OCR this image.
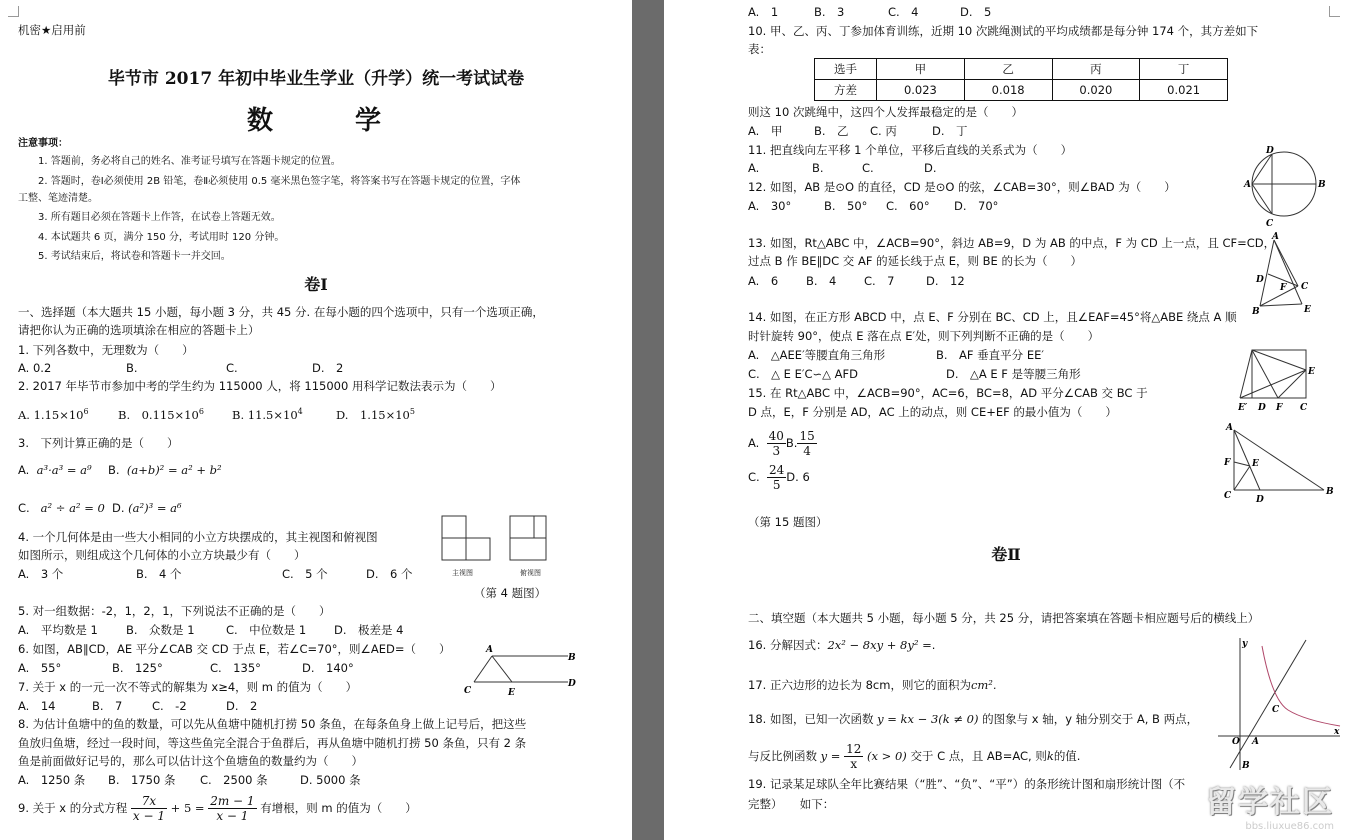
机密★启用前
毕节市 2017 年初中毕业生学业（升学）统一考试试卷
数　学
注意事项：
1. 答题前，务必将自己的姓名、准考证号填写在答题卡规定的位置。
2. 答题时，卷Ⅰ必须使用 2B 铅笔，卷Ⅱ必须使用 0.5 毫米黑色签字笔，将答案书写在答题卡规定的位置，字体
工整、笔迹清楚。
3. 所有题目必须在答题卡上作答，在试卷上答题无效。
4. 本试题共 6 页，满分 150 分，考试用时 120 分钟。
5. 考试结束后，将试卷和答题卡一并交回。
卷Ⅰ
一、选择题（本大题共 15 小题，每小题 3 分，共 45 分. 在每小题的四个选项中，只有一个选项正确，
请把你认为正确的选项填涂在相应的答题卡上）
1. 下列各数中，无理数为（　　）
A. 0.2	B.	C.	D.　2
2. 2017 年毕节市参加中考的学生约为 115000 人，将 115000 用科学记数法表示为（　　）
A. $1.15\times 10^6$	B.　$0.115\times 10^6$ B. $11.5\times 10^4$	D.　$1.15\times 10^5$
3.　下列计算正确的是（　　）
A. a³·a³ = a⁹ B. (a+b)² = a² + b²
C. a² ÷ a² = 0 D. (a²)³ = a⁶
4. 一个几何体是由一些大小相同的小立方块摆成的，其主视图和俯视图
如图所示，则组成这个几何体的小立方块最少有（　　）
A.　3 个	B.　4 个	C.　5 个	D.　6 个	主视图	俯视图
（第 4 题图）
5. 对一组数据：-2，1，2，1，下列说法不正确的是（　　）
A.　平均数是 1 B.　众数是 1	C.　中位数是 1 D.　极差是 4
6. 如图，AB∥CD，AE 平分∠CAB 交 CD 于点 E，若∠C=70°，则∠AED=（　　）
A.　55°	B.　125°	C.　135°	D.　140°
A
B
C	E
D
7. 关于 x 的一元一次不等式的解集为 x≥4，则 m 的值为（　　）
A.　14	B.　7	C.　-2	D.　2
8. 为估计鱼塘中的鱼的数量，可以先从鱼塘中随机打捞 50 条鱼，在每条鱼身上做上记号后，把这些
鱼放归鱼塘，经过一段时间，等这些鱼完全混合于鱼群后，再从鱼塘中随机打捞 50 条鱼，只有 2 条
鱼是前面做好记号的，那么可以估计这个鱼塘鱼的数量约为（　　）
A.　1250 条 B.　1750 条 C.　2500 条	D. 5000 条
9. 关于 x 的分式方程 $\frac{7x}{x - 1} + 5 = \frac{2m - 1}{x - 1}$ 有增根，则 m 的值为（　　）
A.　1	B.　3	C.　4	D.　5
10. 甲、乙、丙、丁参加体育训练，近期 10 次跳绳测试的平均成绩都是每分钟 174 个，其方差如下
表：
选手	甲	乙	丙	丁
方差	0.023	0.018	0.020	0.021
则这 10 次跳绳中，这四个人发挥最稳定的是（　　）
A.　甲	B.　乙 C. 丙	D.　丁
11. 把直线向左平移 1 个单位，平移后直线的关系式为（　　）
A.	B.	C.	D.
12. 如图，AB 是⊙O 的直径，CD 是⊙O 的弦，∠CAB=30°，则∠BAD 为（　　）
A.　30°	B.　50° C.　60° D.　70°
D
A	B
C
13. 如图，Rt△ABC 中，∠ACB=90°，斜边 AB=9，D 为 AB 的中点，F 为 CD 上一点，且 CF=CD，
过点 B 作 BE∥DC 交 AF 的延长线于点 E，则 BE 的长为（　　）
A.　6 B.　4 C.　7	D.　12
A
D
F C
B	E
14. 如图，在正方形 ABCD 中，点 E、F 分别在 BC、CD 上，且∠EAF=45°将△ABE 绕点 A 顺
时针旋转 90°，使点 E 落在点 E′处，则下列判断不正确的是（　　）
A.　△AEE′等腰直角三角形	B.　AF 垂直平分 EE′
C.　△ E E′C∽△ AFD	D.　△A E F 是等腰三角形
E′ D F C
E
15. 在 Rt△ABC 中，∠ACB=90°，AC=6，BC=8，AD 平分∠CAB 交 BC 于
D 点，E，F 分别是 AD，AC 上的动点，则 CE+EF 的最小值为（　　）
A. $\frac{40}{3} B$. $\frac{15}{4}$
C. $\frac{24}{5} D$. 6
A
F E
C	D
B
（第 15 题图）
卷Ⅱ
二、填空题（本大题共 5 小题，每小题 5 分，共 25 分，请把答案填在答题卡相应题号后的横线上）
16. 分解因式：2x² − 8xy + 8y² =.
17. 正六边形的边长为 8cm，则它的面积为cm².
18. 如图，已知一次函数 y = kx − 3(k ≠ 0) 的图象与 x 轴，y 轴分别交于 A, B 两点，
与反比例函数 $y = \frac{12}{x} (x > 0)$ 交于 C 点，且 AB=AC, 则k的值.
y
x
O A
C
B
19. 记录某足球队全年比赛结果（“胜”、“负”、“平”）的条形统计图和扇形统计图（不
完整）　　如下：	留学社区
bbs.liuxue86.com
